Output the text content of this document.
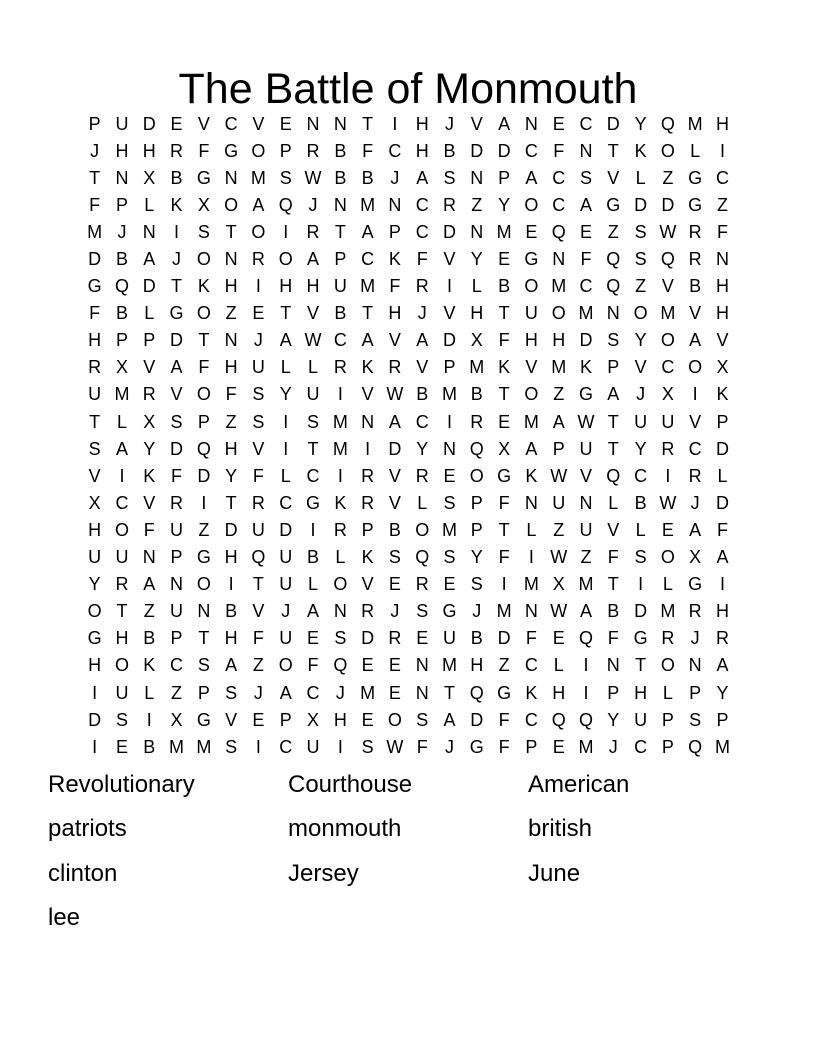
The Battle of Monmouth
P U D E V C V E N N T	I	H J V A N E C D Y Q M H
J H H R F G O P R B F C H B D D C F N T K O L	I
T N X B G N M S W B B J A S N P A C S V L Z G C
F P L K X O A Q J N M N C R Z Y O C A G D D G Z
M J N	I	S T O I	R T A P C D N M E Q E Z S W R F
D B A J O N R O A P C K F V Y E G N F Q S Q R N
G Q D T K H	I	H H U M F R	I	L B O M C Q Z V B H
F B L G O Z E T V B T H J V H T U O M N O M V H
H P P D T N J A W C A V A D X F H H D S Y O A V
R X V A F H U L L R K R V P M K V M K P V C O X
U M R V O F S Y U	I	V W B M B T O Z G A J X	I	K
T L X S P Z S	I	S M N A C	I	R E M A W T U U V P
S A Y D Q H V	I	T M I	D Y N Q X A P U T Y R C D
V	I	K F D Y F L C	I	R V R E O G K W V Q C	I	R L
X C V R	I	T R C G K R V L S P F N U N L B W J D
H O F U Z D U D	I	R P B O M P T L Z U V L E A F
U U N P G H Q U B L K S Q S Y F	I W Z F S O X A
Y R A N O I	T U L O V E R E S	I M X M T	I	L G I
O T Z U N B V J A N R J S G J M N W A B D M R H
G H B P T H F U E S D R E U B D F E Q F G R J R
H O K C S A Z O F Q E E N M H Z C L	I	N T O N A
I	U L Z P S J A C J M E N T Q G K H	I	P H L P Y
D S	I	X G V E P X H E O S A D F C Q Q Y U P S P
I	E B M M S	I	C U	I	S W F J G F P E M J C P Q M
Revolutionary	Courthouse	American
patriots	monmouth	british
clinton	Jersey	June
lee
